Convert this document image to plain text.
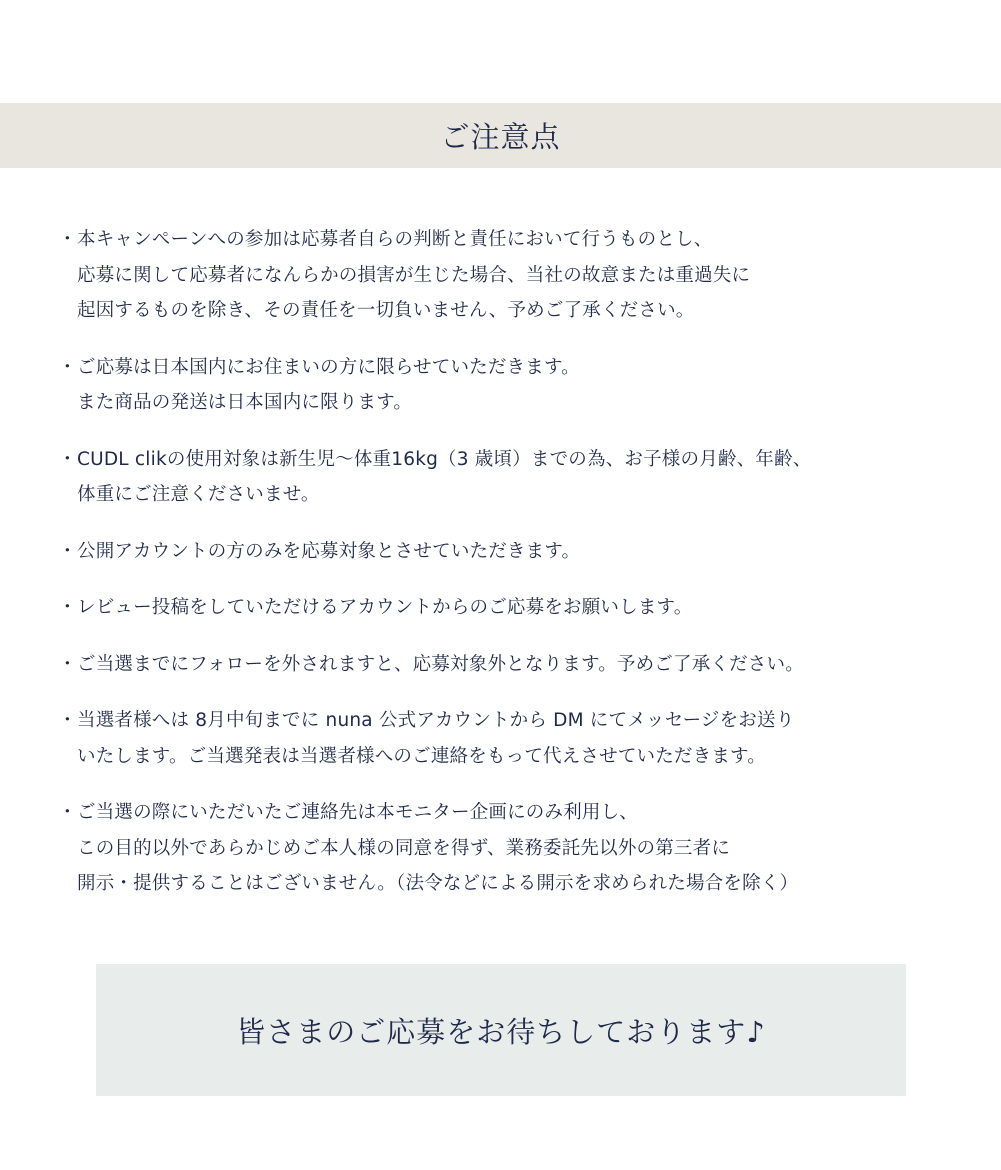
ご注意点
・ 本キャンペーンへの参加は応募者自らの判断と責任において行うものとし、
応募に関して応募者になんらかの損害が生じた場合、当社の故意または重過失に
起因するものを除き、その責任を一切負いません、予めご了承ください。
・ ご応募は日本国内にお住まいの方に限らせていただきます。
また商品の発送は日本国内に限ります。
・ CUDL clikの使用対象は新生児～体重16kg（3 歳頃）までの為、お子様の月齢、年齢、
体重にご注意くださいませ。
・ 公開アカウントの方のみを応募対象とさせていただきます。
・ レビュー投稿をしていただけるアカウントからのご応募をお願いします。
・ ご当選までにフォローを外されますと、応募対象外となります。予めご了承ください。
・ 当選者様へは 8月中旬までに nuna 公式アカウントから DM にてメッセージをお送り
いたします。ご当選発表は当選者様へのご連絡をもって代えさせていただきます。
・ ご当選の際にいただいたご連絡先は本モニター企画にのみ利用し、
この目的以外であらかじめご本人様の同意を得ず、業務委託先以外の第三者に
開示・提供することはございません。（法令などによる開示を求められた場合を除く）

皆さまのご応募をお待ちしております♪
